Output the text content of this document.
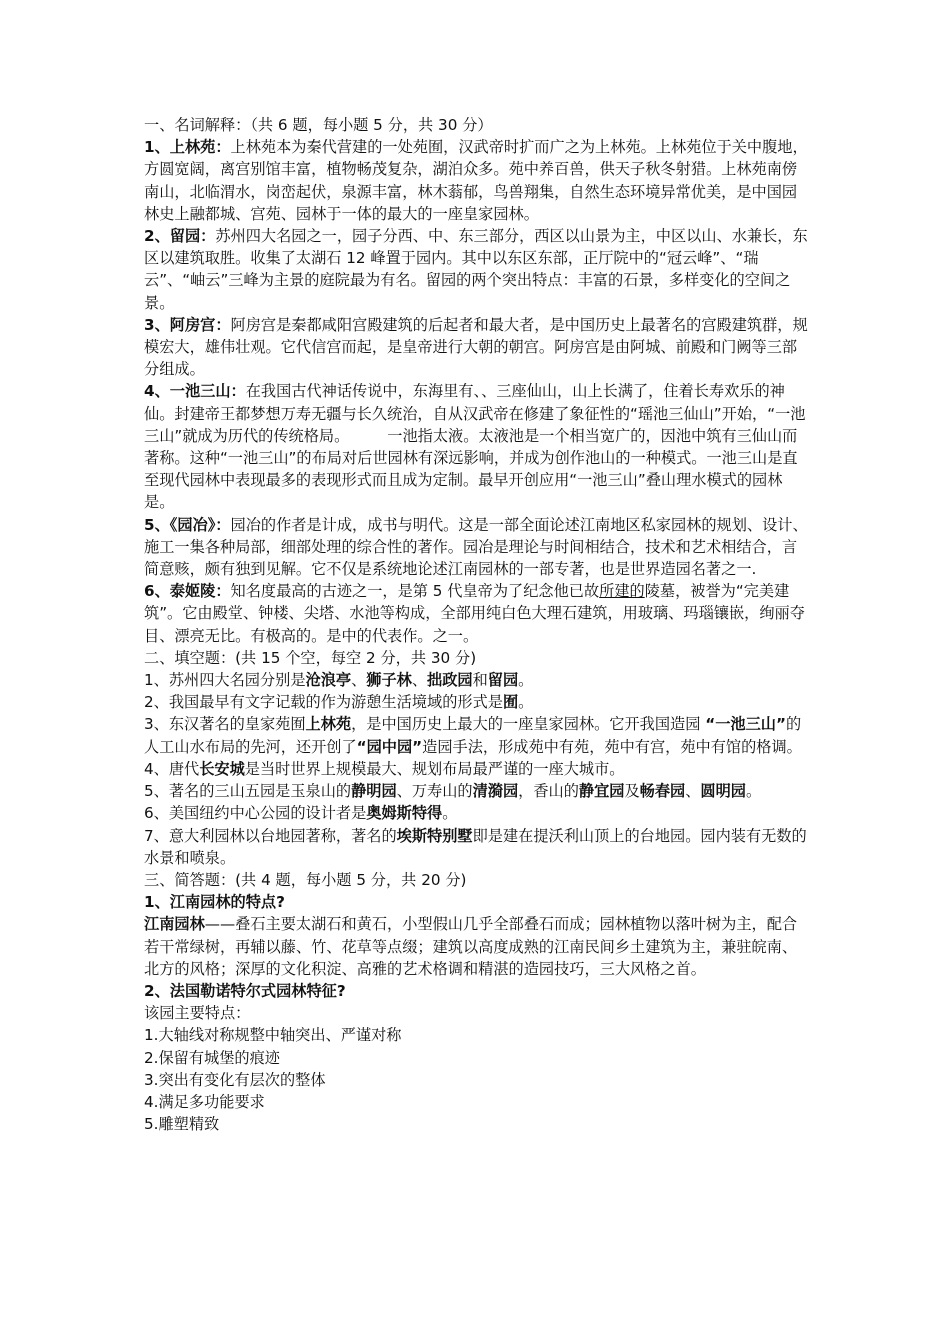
一、名词解释：（共 6 题，每小题 5 分，共 30 分）

1、上林苑：上林苑本为秦代营建的一处苑囿，汉武帝时扩而广之为上林苑。上林苑位于关中腹地，方圆宽阔，离宫别馆丰富，植物畅茂复杂，湖泊众多。苑中养百兽，供天子秋冬射猎。上林苑南傍南山，北临渭水，岗峦起伏，泉源丰富，林木蓊郁，鸟兽翔集，自然生态环境异常优美，是中国园林史上融都城、宫苑、园林于一体的最大的一座皇家园林。

2、留园：苏州四大名园之一，园子分西、中、东三部分，西区以山景为主，中区以山、水兼长，东区以建筑取胜。收集了太湖石 12 峰置于园内。其中以东区东部，正厅院中的“冠云峰”、“瑞云”、“岫云”三峰为主景的庭院最为有名。留园的两个突出特点：丰富的石景，多样变化的空间之景。

3、阿房宫：阿房宫是秦都咸阳宫殿建筑的后起者和最大者，是中国历史上最著名的宫殿建筑群，规模宏大，雄伟壮观。它代信宫而起，是皇帝进行大朝的朝宫。阿房宫是由阿城、前殿和门阙等三部分组成。

4、一池三山：在我国古代神话传说中，东海里有、、三座仙山，山上长满了，住着长寿欢乐的神仙。封建帝王都梦想万寿无疆与长久统治，自从汉武帝在修建了象征性的“瑶池三仙山”开始，“一池三山”就成为历代的传统格局。　　　一池指太液。太液池是一个相当宽广的，因池中筑有三仙山而著称。这种“一池三山”的布局对后世园林有深远影响，并成为创作池山的一种模式。一池三山是直至现代园林中表现最多的表现形式而且成为定制。最早开创应用“一池三山”叠山理水模式的园林是。

5、《园冶》：园冶的作者是计成，成书与明代。这是一部全面论述江南地区私家园林的规划、设计、施工一集各种局部，细部处理的综合性的著作。园冶是理论与时间相结合，技术和艺术相结合，言简意赅，颇有独到见解。它不仅是系统地论述江南园林的一部专著，也是世界造园名著之一.

6、泰姬陵：知名度最高的古迹之一，是第 5 代皇帝为了纪念他已故所建的陵墓，被誉为“完美建筑”。它由殿堂、钟楼、尖塔、水池等构成，全部用纯白色大理石建筑，用玻璃、玛瑙镶嵌，绚丽夺目、漂亮无比。有极高的。是中的代表作。之一。

二、填空题：(共 15 个空，每空 2 分，共 30 分)

1、苏州四大名园分别是沧浪亭、狮子林、拙政园和留园。

2、我国最早有文字记载的作为游憩生活境域的形式是囿。

3、东汉著名的皇家苑囿上林苑，是中国历史上最大的一座皇家园林。它开我国造园 “一池三山”的人工山水布局的先河，还开创了“园中园”造园手法，形成苑中有苑，苑中有宫，苑中有馆的格调。

4、唐代长安城是当时世界上规模最大、规划布局最严谨的一座大城市。

5、著名的三山五园是玉泉山的静明园、万寿山的清漪园，香山的静宜园及畅春园、圆明园。

6、美国纽约中心公园的设计者是奥姆斯特得。

7、意大利园林以台地园著称，著名的埃斯特别墅即是建在提沃利山顶上的台地园。园内装有无数的水景和喷泉。

三、简答题：(共 4 题，每小题 5 分，共 20 分)

1、江南园林的特点?

江南园林——叠石主要太湖石和黄石，小型假山几乎全部叠石而成；园林植物以落叶树为主，配合若干常绿树，再辅以藤、竹、花草等点缀；建筑以高度成熟的江南民间乡土建筑为主，兼驻皖南、北方的风格；深厚的文化积淀、高雅的艺术格调和精湛的造园技巧，三大风格之首。

2、法国勒诺特尔式园林特征?

该园主要特点：

1.大轴线对称规整中轴突出、严谨对称

2.保留有城堡的痕迹

3.突出有变化有层次的整体

4.满足多功能要求

5.雕塑精致
